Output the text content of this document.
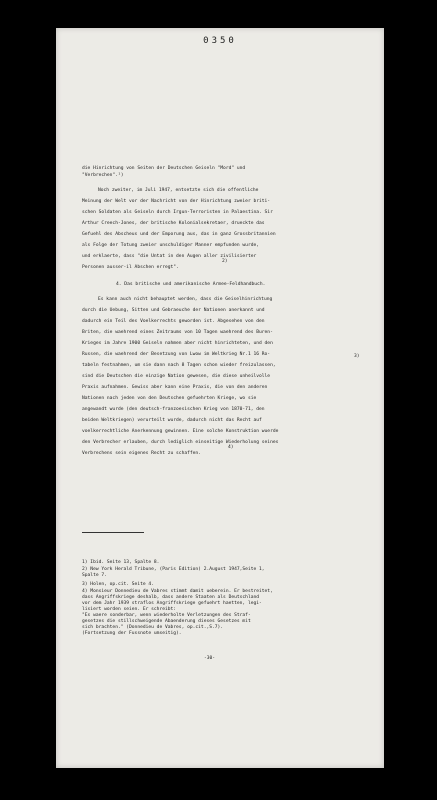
0350
die Hinrichtung von Seiten der Deutschen Geiseln "Mord" und
"Verbrechen".¹)
Noch zweiter, im Juli 1947, entsetzte sich die offentliche
Meinung der Welt vor der Nachricht von der Hinrichtung zweier briti-
schen Soldaten als Geiseln durch Irgun-Terroristen in Palaestina. Sir
Arthur Creech-Jones, der britische Kolonialsekretaer, drueckte das
Gefuehl des Abscheus und der Emporung aus, das in ganz Grossbritannien
als Folge der Totung zweier unschuldiger Manner empfunden wurde,
und erklaerte, dass "die Untat in den Augen aller zivilisierter
Personen ausser-il Abschen erregt".
2)
4. Das britische und amerikanische Armee-Feldhandbuch.
Es kann auch nicht behauptet werden, dass die Geiselhinrichtung
durch die Uebung, Sitten und Gebraeuche der Nationen anerkannt und
dadurch ein Teil des Voelkerrechts geworden ist. Abgesehen von den
Briten, die waehrend eines Zeitraums von 10 Tagen waehrend des Buren-
Krieges im Jahre 1900 Geiseln nahmen aber nicht hinrichteten, und den
Russen, die waehrend der Besetzung von Lwow im Weltkrieg Nr.1 16 Ro-
tabeln festnahmen, um sie dann nach 8 Tagen schon wieder freizulassen,
3)
sind die Deutschen die einzige Nation gewesen, die diese unheilvolle
Praxis aufnahmen. Gewiss aber kann eine Praxis, die von den anderen
Nationen nach jeden von den Deutschen gefuehrten Kriege, wo sie
angewandt wurde (den deutsch-franzoesischen Krieg von 1870-71, den
beiden Weltkriegen) verurteilt wurde, dadurch nicht das Recht auf
voelkerrechtliche Anerkennung gewinnen. Eine solche Konstruktion wuerde
den Verbrecher erlauben, durch lediglich einseitige Wiederholung seines
Verbrechens sein eigenes Recht zu schaffen.
4)
1) Ibid. Seite 13, Spalte 8.
2) New York Herald Tribune, (Paris Edition) 2.August 1947,Seite 1,
Spalte 7.
3) Holen, op.cit. Seite 4.
4) Monsieur Donnedieu de Vabres stimmt damit ueberein. Er bestreitet,
dass Angriffskriege deshalb, dass andere Staaten als Deutschland
vor dem Jahr 1939 straflos Angriffskriege gefuehrt haetten, legi-
lisiert worden seien. Er schreibt:
"Es waere sonderbar, wenn wiederholte Verletzungen des Straf-
gesetzes die stillschweigende Abaenderung dieses Gesetzes mit
sich brachten." (Donnedieu de Vabres, op.cit.,S.7).
(Fortsetzung der Fussnote umseitig).
-30-
